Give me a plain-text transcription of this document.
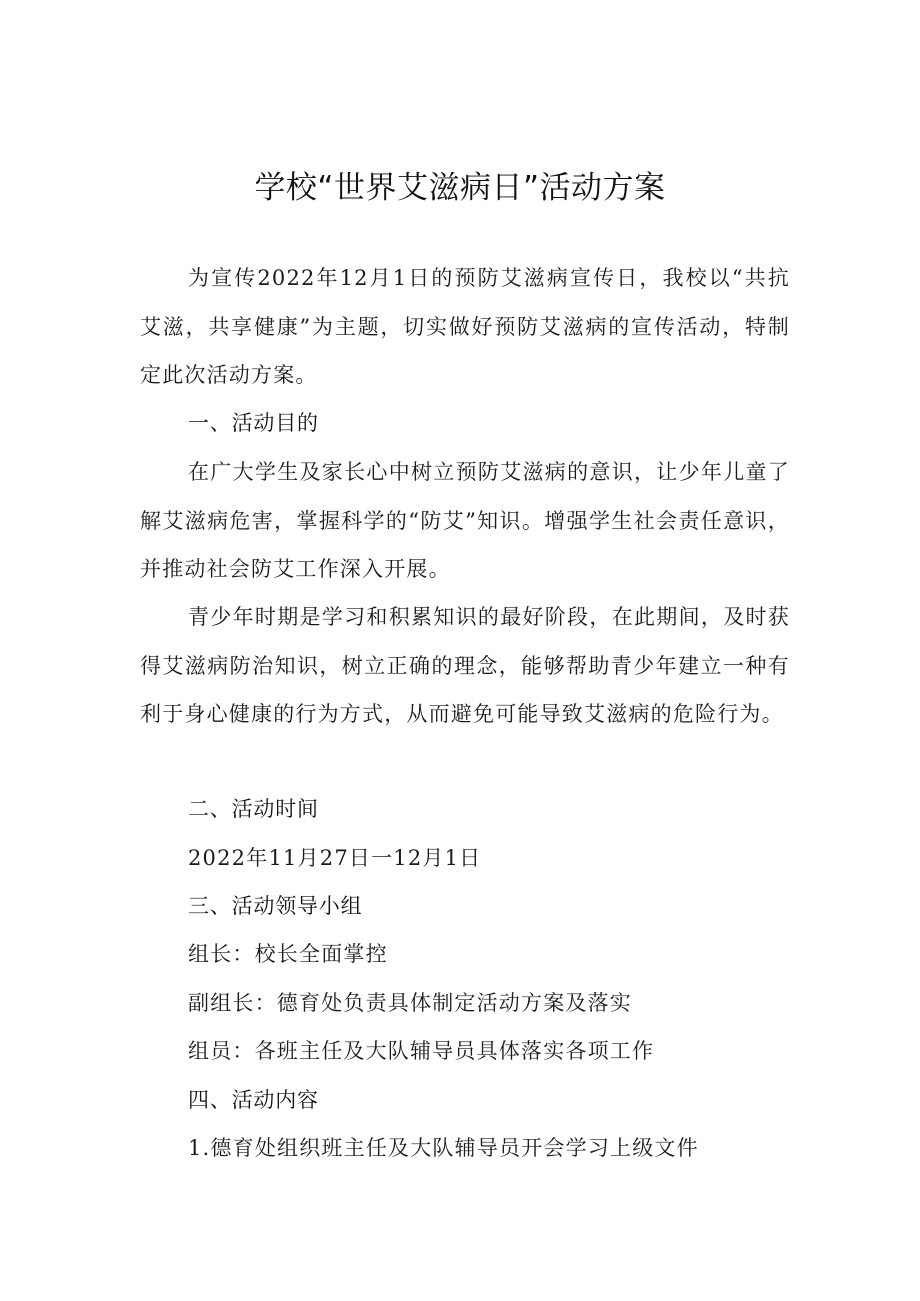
学校“世界艾滋病日”活动方案
为宣传2022年12月1日的预防艾滋病宣传日，我校以“共抗艾滋，共享健康”为主题，切实做好预防艾滋病的宣传活动，特制定此次活动方案。
一、活动目的
在广大学生及家长心中树立预防艾滋病的意识，让少年儿童了解艾滋病危害，掌握科学的“防艾”知识。增强学生社会责任意识，并推动社会防艾工作深入开展。
青少年时期是学习和积累知识的最好阶段，在此期间，及时获得艾滋病防治知识，树立正确的理念，能够帮助青少年建立一种有利于身心健康的行为方式，从而避免可能导致艾滋病的危险行为。
二、活动时间
2022年11月27日一12月1日
三、活动领导小组
组长：校长全面掌控
副组长：德育处负责具体制定活动方案及落实
组员：各班主任及大队辅导员具体落实各项工作
四、活动内容
1.德育处组织班主任及大队辅导员开会学习上级文件
